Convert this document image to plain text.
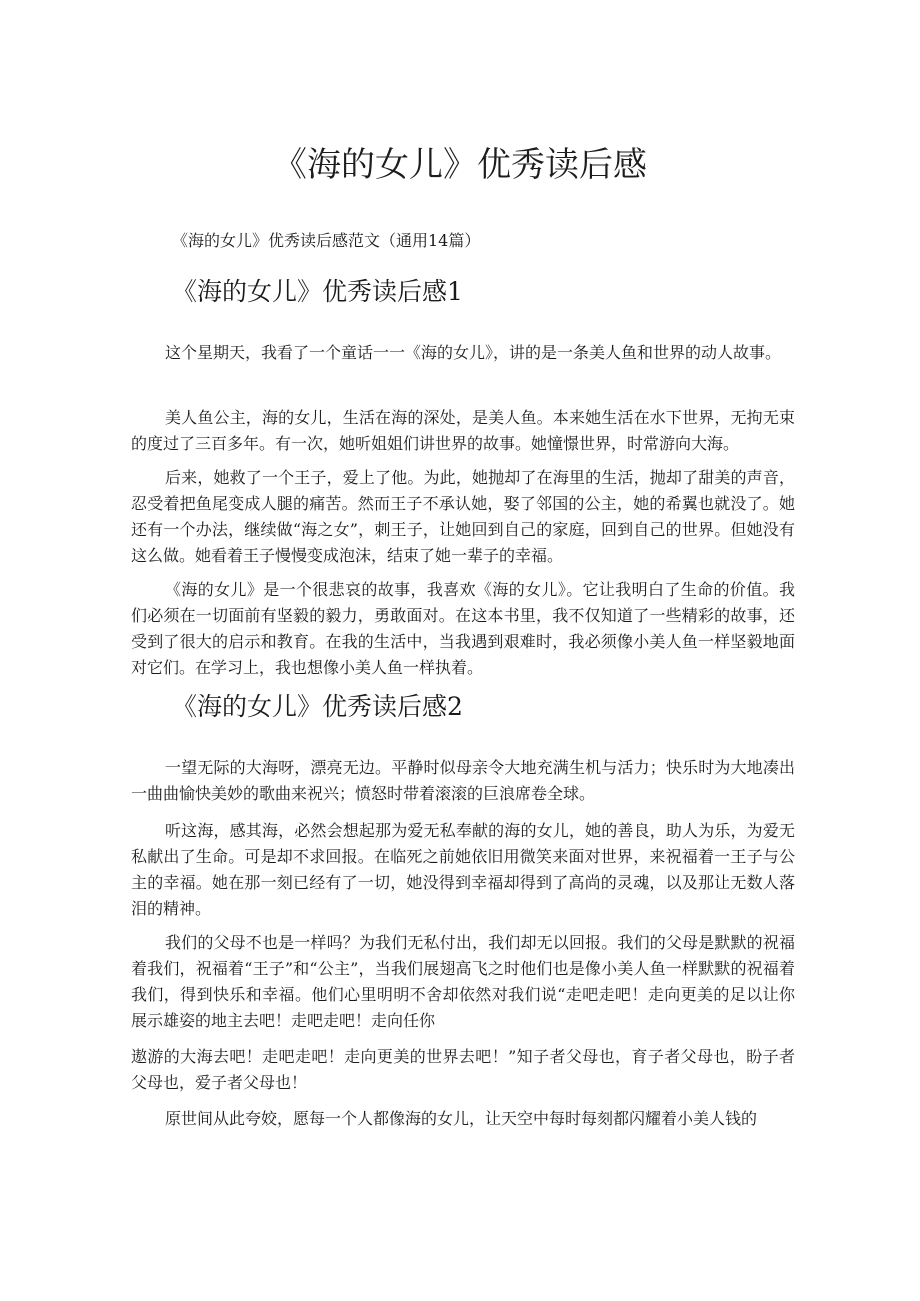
《海的女儿》优秀读后感

《海的女儿》优秀读后感范文（通用14篇）

《海的女儿》优秀读后感1

这个星期天，我看了一个童话一一《海的女儿》，讲的是一条美人鱼和世界的动人故事。

美人鱼公主，海的女儿，生活在海的深处，是美人鱼。本来她生活在水下世界，无拘无束的度过了三百多年。有一次，她听姐姐们讲世界的故事。她憧憬世界，时常游向大海。

后来，她救了一个王子，爱上了他。为此，她抛却了在海里的生活，抛却了甜美的声音，忍受着把鱼尾变成人腿的痛苦。然而王子不承认她，娶了邻国的公主，她的希翼也就没了。她还有一个办法，继续做“海之女”，刺王子，让她回到自己的家庭，回到自己的世界。但她没有这么做。她看着王子慢慢变成泡沫，结束了她一辈子的幸福。

《海的女儿》是一个很悲哀的故事，我喜欢《海的女儿》。它让我明白了生命的价值。我们必须在一切面前有坚毅的毅力，勇敢面对。在这本书里，我不仅知道了一些精彩的故事，还受到了很大的启示和教育。在我的生活中，当我遇到艰难时，我必须像小美人鱼一样坚毅地面对它们。在学习上，我也想像小美人鱼一样执着。

《海的女儿》优秀读后感2

一望无际的大海呀，漂亮无边。平静时似母亲令大地充满生机与活力；快乐时为大地凑出一曲曲愉快美妙的歌曲来祝兴；愤怒时带着滚滚的巨浪席卷全球。

听这海，感其海，必然会想起那为爱无私奉献的海的女儿，她的善良，助人为乐，为爱无私献出了生命。可是却不求回报。在临死之前她依旧用微笑来面对世界，来祝福着一王子与公主的幸福。她在那一刻已经有了一切，她没得到幸福却得到了高尚的灵魂，以及那让无数人落泪的精神。

我们的父母不也是一样吗？为我们无私付出，我们却无以回报。我们的父母是默默的祝福着我们，祝福着“王子”和“公主”，当我们展翅高飞之时他们也是像小美人鱼一样默默的祝福着我们，得到快乐和幸福。他们心里明明不舍却依然对我们说“走吧走吧！走向更美的足以让你展示雄姿的地主去吧！走吧走吧！走向任你

遨游的大海去吧！走吧走吧！走向更美的世界去吧！”知子者父母也，育子者父母也，盼子者父母也，爱子者父母也！

原世间从此夸姣，愿每一个人都像海的女儿，让天空中每时每刻都闪耀着小美人钱的
